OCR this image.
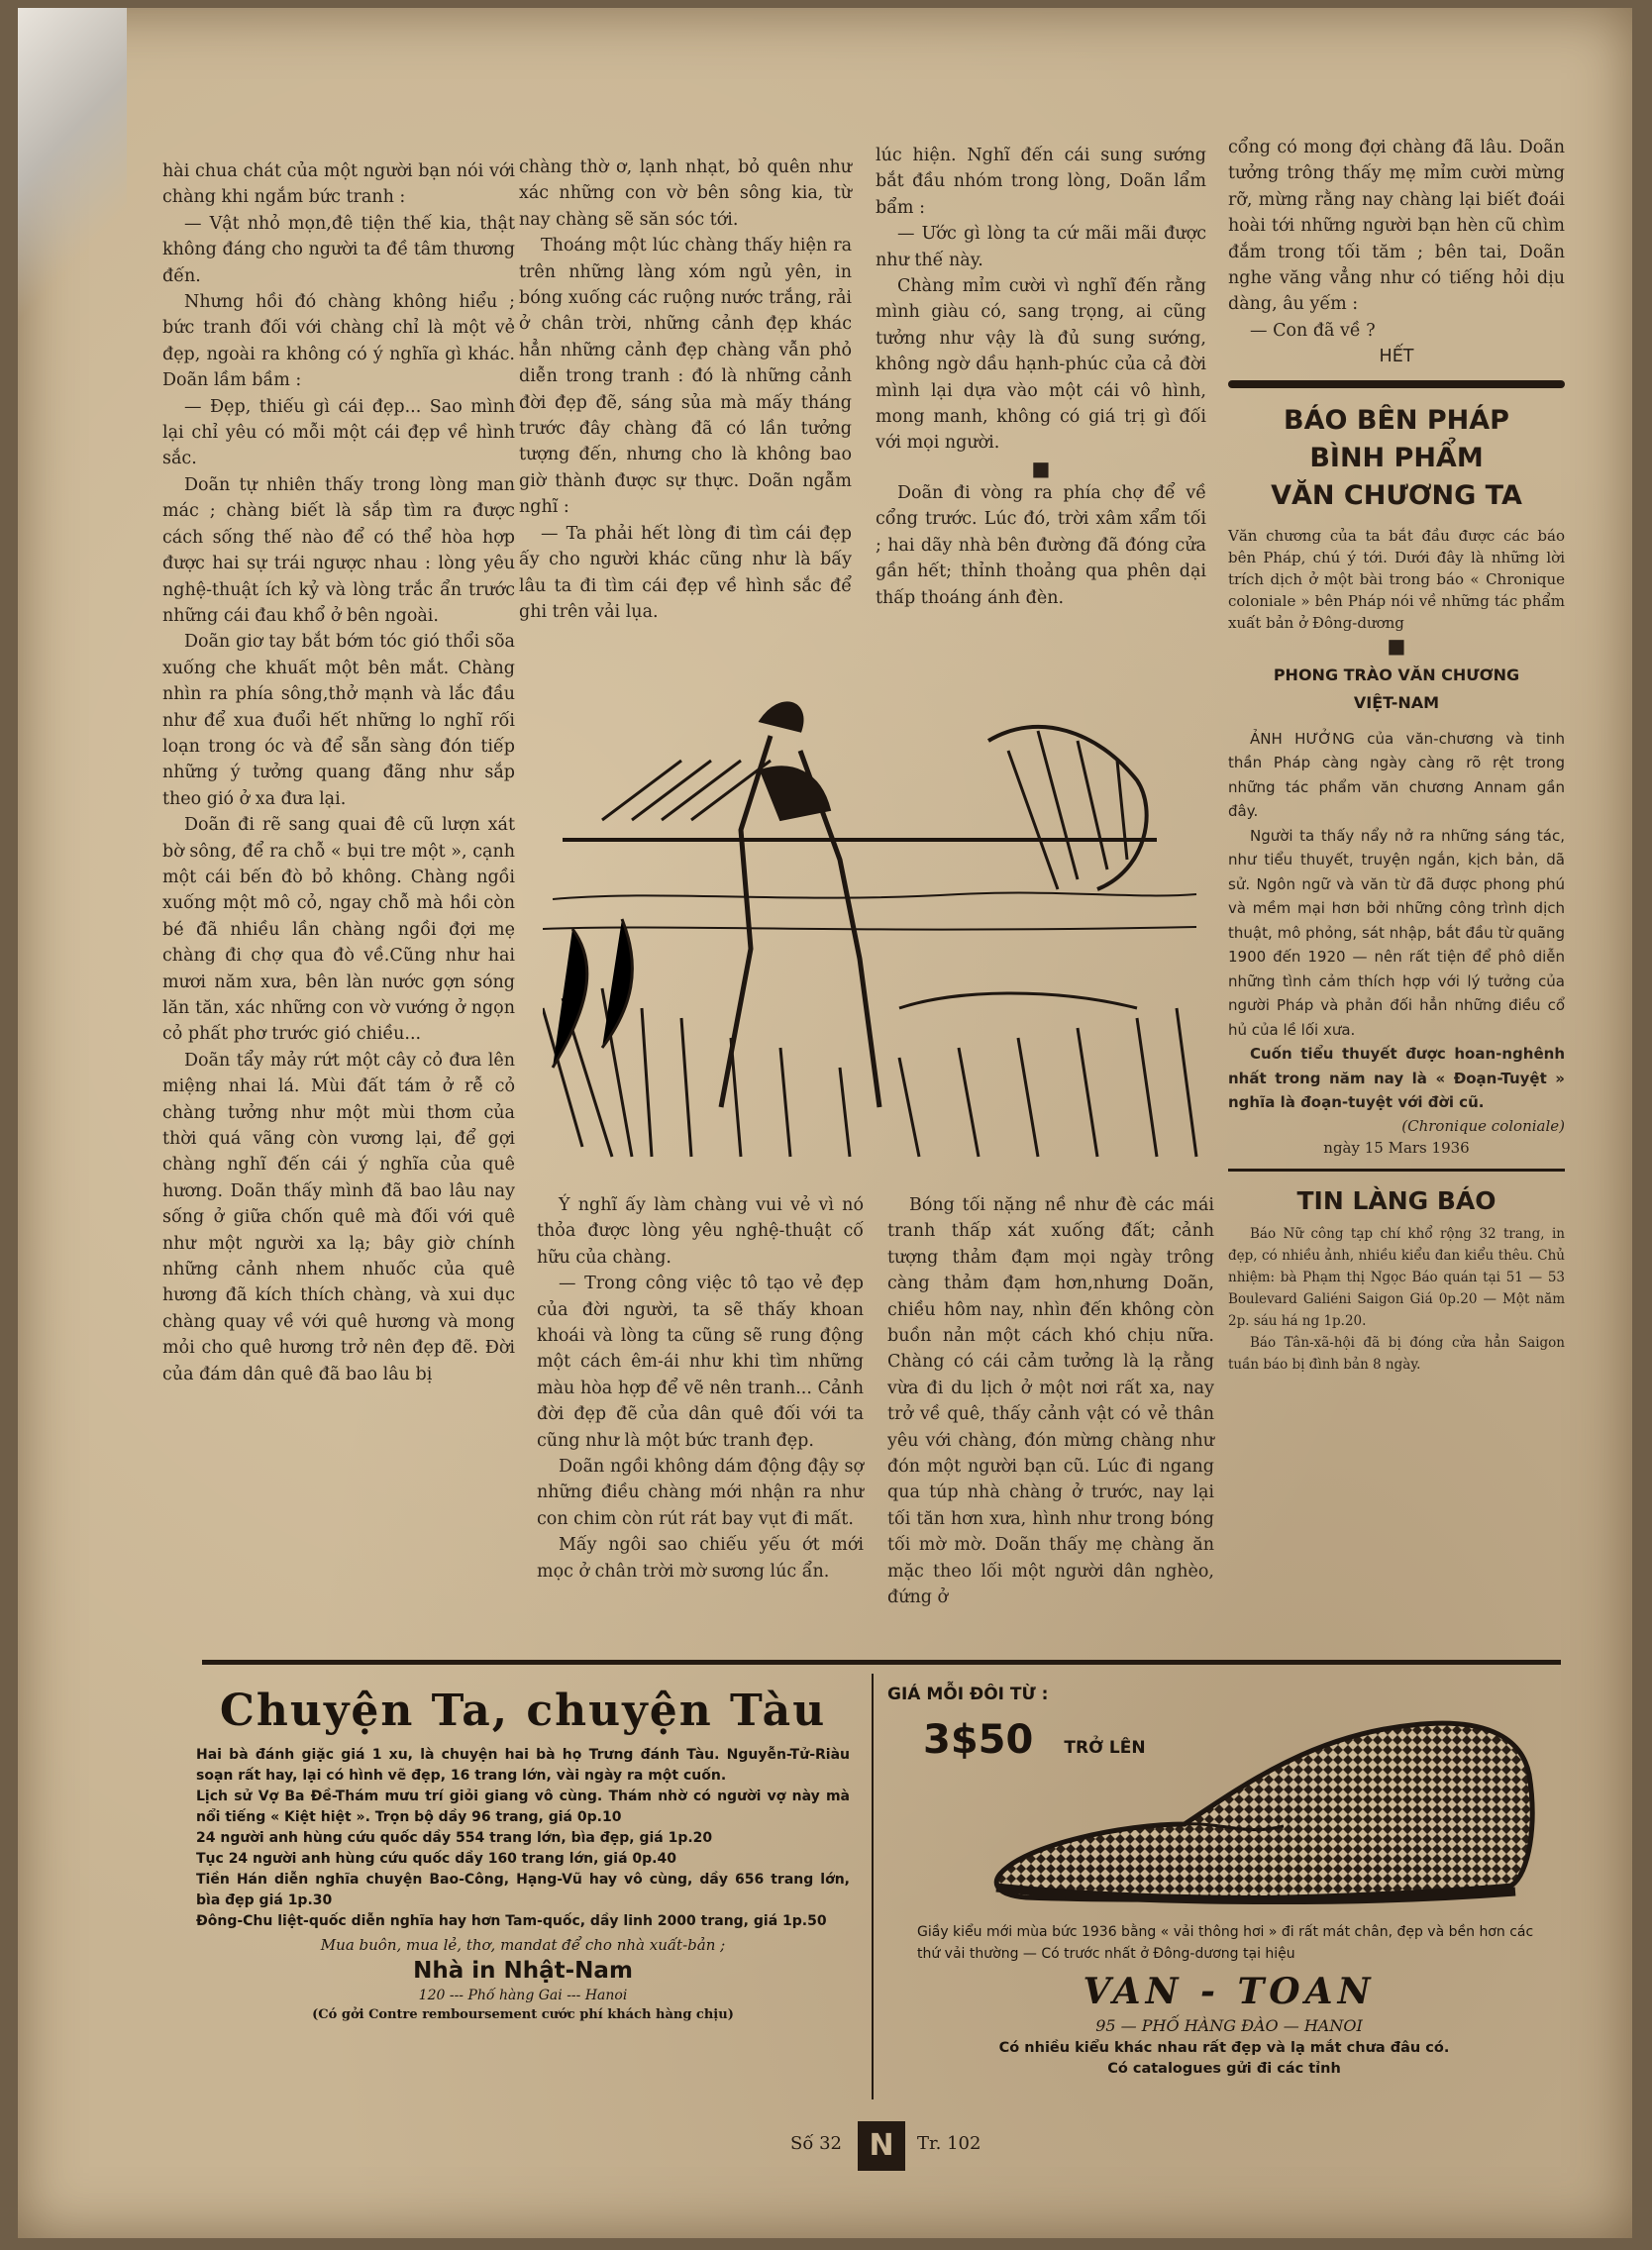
hài chua chát của một người bạn nói với chàng khi ngắm bức tranh :

— Vật nhỏ mọn,đê tiện thế kia, thật không đáng cho người ta đề tâm thương đến.

Nhưng hồi đó chàng không hiểu ; bức tranh đối với chàng chỉ là một vẻ đẹp, ngoài ra không có ý nghĩa gì khác. Doãn lầm bầm :

— Đẹp, thiếu gì cái đẹp... Sao mình lại chỉ yêu có mỗi một cái đẹp về hình sắc.

Doãn tự nhiên thấy trong lòng man mác ; chàng biết là sắp tìm ra được cách sống thế nào để có thể hòa hợp được hai sự trái ngược nhau : lòng yêu nghệ-thuật ích kỷ và lòng trắc ẩn trước những cái đau khổ ở bên ngoài.

Doãn giơ tay bắt bớm tóc gió thổi sõa xuống che khuất một bên mắt. Chàng nhìn ra phía sông,thở mạnh và lắc đầu như để xua đuổi hết những lo nghĩ rối loạn trong óc và để sẵn sàng đón tiếp những ý tưởng quang đãng như sắp theo gió ở xa đưa lại.

Doãn đi rẽ sang quai đê cũ lượn xát bờ sông, để ra chỗ « bụi tre một », cạnh một cái bến đò bỏ không. Chàng ngồi xuống một mô cỏ, ngay chỗ mà hồi còn bé đã nhiều lần chàng ngồi đợi mẹ chàng đi chợ qua đò về.Cũng như hai mươi năm xưa, bên làn nước gợn sóng lăn tăn, xác những con vờ vướng ở ngọn cỏ phất phơ trước gió chiều...

Doãn tẩy mảy rứt một cây cỏ đưa lên miệng nhai lá. Mùi đất tám ở rễ cỏ chàng tưởng như một mùi thơm của thời quá vãng còn vương lại, để gợi chàng nghĩ đến cái ý nghĩa của quê hương. Doãn thấy mình đã bao lâu nay sống ở giữa chốn quê mà đối với quê như một người xa lạ; bây giờ chính những cảnh nhem nhuốc của quê hương đã kích thích chàng, và xui dục chàng quay về với quê hương và mong mỏi cho quê hương trở nên đẹp đẽ. Đời của đám dân quê đã bao lâu bị

chàng thờ ơ, lạnh nhạt, bỏ quên như xác những con vờ bên sông kia, từ nay chàng sẽ săn sóc tới.

Thoáng một lúc chàng thấy hiện ra trên những làng xóm ngủ yên, in bóng xuống các ruộng nước trắng, rải ở chân trời, những cảnh đẹp khác hẳn những cảnh đẹp chàng vẫn phỏ diễn trong tranh : đó là những cảnh đời đẹp đẽ, sáng sủa mà mấy tháng trước đây chàng đã có lần tưởng tượng đến, nhưng cho là không bao giờ thành được sự thực. Doãn ngẫm nghĩ :

— Ta phải hết lòng đi tìm cái đẹp ấy cho người khác cũng như là bấy lâu ta đi tìm cái đẹp về hình sắc để ghi trên vải lụa.

lúc hiện. Nghĩ đến cái sung sướng bắt đầu nhóm trong lòng, Doãn lẩm bẩm :

— Ước gì lòng ta cứ mãi mãi được như thế này.

Chàng mỉm cười vì nghĩ đến rằng mình giàu có, sang trọng, ai cũng tưởng như vậy là đủ sung sướng, không ngờ dầu hạnh-phúc của cả đời mình lại dựa vào một cái vô hình, mong manh, không có giá trị gì đối với mọi người.

■

Doãn đi vòng ra phía chợ để về cổng trước. Lúc đó, trời xâm xẩm tối ; hai dãy nhà bên đường đã đóng cửa gần hết; thỉnh thoảng qua phên dại thấp thoáng ánh đèn.

Ý nghĩ ấy làm chàng vui vẻ vì nó thỏa được lòng yêu nghệ-thuật cố hữu của chàng.

— Trong công việc tô tạo vẻ đẹp của đời người, ta sẽ thấy khoan khoái và lòng ta cũng sẽ rung động một cách êm-ái như khi tìm những màu hòa hợp để vẽ nên tranh... Cảnh đời đẹp đẽ của dân quê đối với ta cũng như là một bức tranh đẹp.

Doãn ngồi không dám động đậy sợ những điều chàng mới nhận ra như con chim còn rút rát bay vụt đi mất.

Mấy ngôi sao chiếu yếu ớt mới mọc ở chân trời mờ sương lúc ẩn.

Bóng tối nặng nề như đè các mái tranh thấp xát xuống đất; cảnh tượng thảm đạm mọi ngày trông càng thảm đạm hơn,nhưng Doãn, chiều hôm nay, nhìn đến không còn buồn nản một cách khó chịu nữa. Chàng có cái cảm tưởng là lạ rằng vừa đi du lịch ở một nơi rất xa, nay trở về quê, thấy cảnh vật có vẻ thân yêu với chàng, đón mừng chàng như đón một người bạn cũ. Lúc đi ngang qua túp nhà chàng ở trước, nay lại tối tăn hơn xưa, hình như trong bóng tối mờ mờ. Doãn thấy mẹ chàng ăn mặc theo lối một người dân nghèo, đứng ở

cổng có mong đợi chàng đã lâu. Doãn tưởng trông thấy mẹ mỉm cười mừng rỡ, mừng rằng nay chàng lại biết đoái hoài tới những người bạn hèn cũ chìm đắm trong tối tăm ; bên tai, Doãn nghe văng vẳng như có tiếng hỏi dịu dàng, âu yếm :

— Con đã về ?

HẾT
BÁO BÊN PHÁP
BÌNH PHẨM
VĂN CHƯƠNG TA

Văn chương của ta bắt đầu được các báo bên Pháp, chú ý tới. Dưới đây là những lời trích dịch ở một bài trong báo « Chronique coloniale » bên Pháp nói về những tác phẩm xuất bản ở Đông-dương

■
PHONG TRÀO VĂN CHƯƠNG
VIỆT-NAM

ẢNH HƯỞNG của văn-chương và tinh thần Pháp càng ngày càng rõ rệt trong những tác phẩm văn chương Annam gần đây.

Người ta thấy nẩy nở ra những sáng tác, như tiểu thuyết, truyện ngắn, kịch bản, dã sử. Ngôn ngữ và văn từ đã được phong phú và mềm mại hơn bởi những công trình dịch thuật, mô phỏng, sát nhập, bắt đầu từ quãng 1900 đến 1920 — nên rất tiện để phô diễn những tình cảm thích hợp với lý tưởng của người Pháp và phản đối hẳn những điều cổ hủ của lề lối xưa.

Cuốn tiểu thuyết được hoan-nghênh nhất trong năm nay là « Đoạn-Tuyệt » nghĩa là đoạn-tuyệt với đời cũ.

(Chronique coloniale)
ngày 15 Mars 1936
TIN LÀNG BÁO

Báo Nữ công tạp chí khổ rộng 32 trang, in đẹp, có nhiều ảnh, nhiều kiểu đan kiểu thêu. Chủ nhiệm: bà Phạm thị Ngọc Báo quán tại 51 — 53 Boulevard Galiéni Saigon Giá 0p.20 — Một năm 2p. sáu há ng 1p.20.

Báo Tân-xã-hội đã bị đóng cửa hẳn Saigon tuần báo bị đình bản 8 ngày.

Chuyện Ta, chuyện Tàu
Hai bà đánh giặc giá 1 xu, là chuyện hai bà họ Trưng đánh Tàu. Nguyễn-Tử-Riàu soạn rất hay, lại có hình vẽ đẹp, 16 trang lớn, vài ngày ra một cuốn.
Lịch sử Vợ Ba Đề-Thám mưu trí giỏi giang vô cùng. Thám nhờ có người vợ này mà nổi tiếng « Kiệt hiệt ». Trọn bộ dầy 96 trang, giá 0p.10
24 người anh hùng cứu quốc dầy 554 trang lớn, bìa đẹp, giá 1p.20
Tục 24 người anh hùng cứu quốc dầy 160 trang lớn, giá 0p.40
Tiền Hán diễn nghĩa chuyện Bao-Công, Hạng-Vũ hay vô cùng, dầy 656 trang lớn, bìa đẹp giá 1p.30
Đông-Chu liệt-quốc diễn nghĩa hay hơn Tam-quốc, dầy linh 2000 trang, giá 1p.50
Mua buôn, mua lẻ, thơ, mandat để cho nhà xuất-bản ;
Nhà in Nhật-Nam
120 --- Phố hàng Gai --- Hanoi
(Có gởi Contre remboursement cước phí khách hàng chịu)
GIÁ MỖI ĐÔI TỪ :
3$50 TRỞ LÊN
Giầy kiểu mới mùa bức 1936 bằng « vải thông hơi » đi rất mát chân, đẹp và bền hơn các thứ vải thường — Có trước nhất ở Đông-dương tại hiệu
VAN - TOAN
95 — PHỐ HÀNG ĐÀO — HANOI
Có nhiều kiểu khác nhau rất đẹp và lạ mắt chưa đâu có. Có catalogues gửi đi các tỉnh
Số 32 N	Tr. 102
